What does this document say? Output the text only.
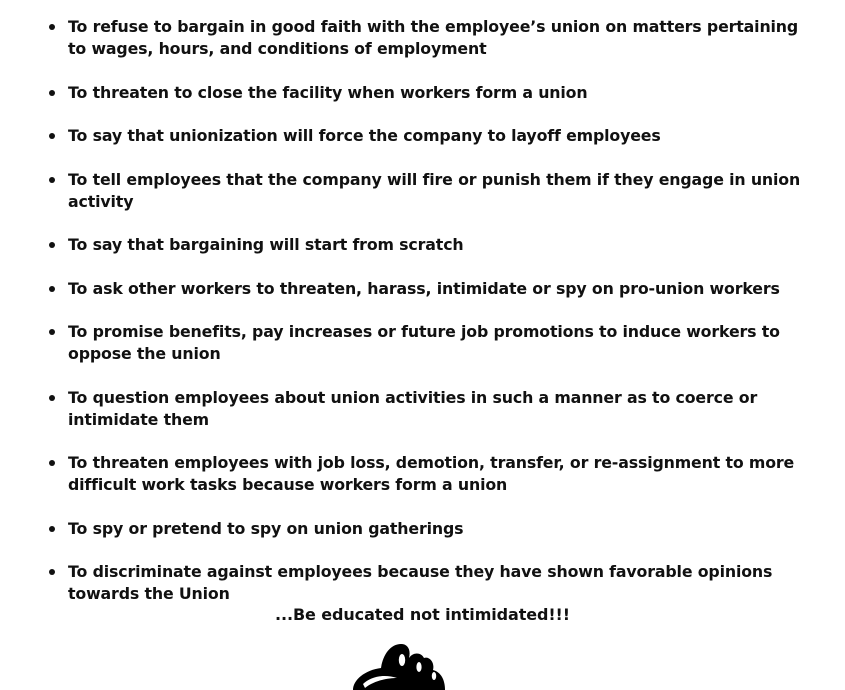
To refuse to bargain in good faith with the employee’s union on matters pertaining to wages, hours, and conditions of employment
To threaten to close the facility when workers form a union
To say that unionization will force the company to layoff employees
To tell employees that the company will fire or punish them if they engage in union activity
To say that bargaining will start from scratch
To ask other workers to threaten, harass, intimidate or spy on pro-union workers
To promise benefits, pay increases or future job promotions to induce workers to oppose the union
To question employees about union activities in such a manner as to coerce or intimidate them
To threaten employees with job loss, demotion, transfer, or re-assignment to more difficult work tasks because workers form a union
To spy or pretend to spy on union gatherings
To discriminate against employees because they have shown favorable opinions towards the Union
...Be educated not intimidated!!!
